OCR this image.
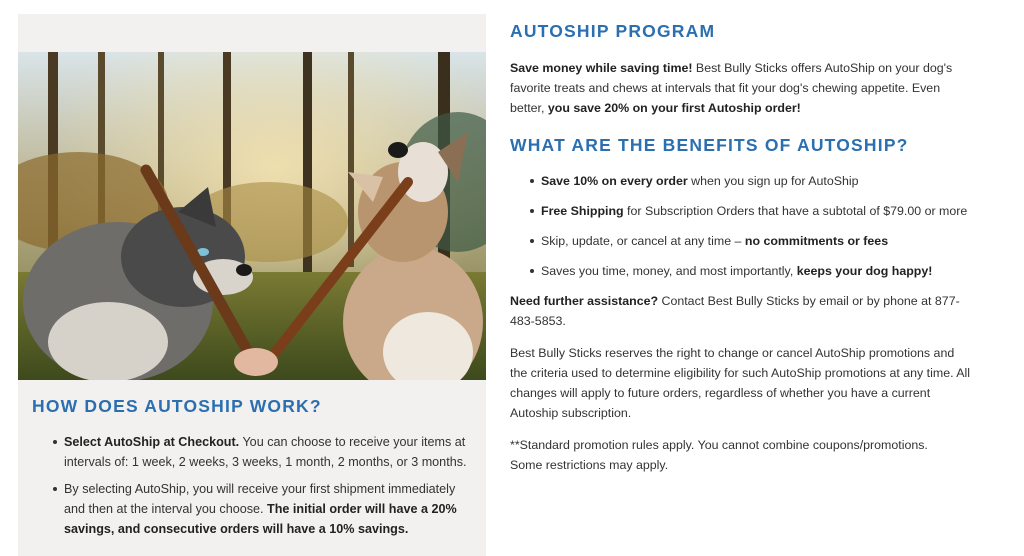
HOW DOES AUTOSHIP WORK?
Select AutoShip at Checkout. You can choose to receive your items at intervals of: 1 week, 2 weeks, 3 weeks, 1 month, 2 months, or 3 months.
By selecting AutoShip, you will receive your first shipment immediately and then at the interval you choose. The initial order will have a 20% savings, and consecutive orders will have a 10% savings.
AUTOSHIP PROGRAM

Save money while saving time! Best Bully Sticks offers AutoShip on your dog's favorite treats and chews at intervals that fit your dog's chewing appetite. Even better, you save 20% on your first Autoship order!

WHAT ARE THE BENEFITS OF AUTOSHIP?
Save 10% on every order when you sign up for AutoShip
Free Shipping for Subscription Orders that have a subtotal of $79.00 or more
Skip, update, or cancel at any time – no commitments or fees
Saves you time, money, and most importantly, keeps your dog happy!

Need further assistance? Contact Best Bully Sticks by email or by phone at 877-483-5853.

Best Bully Sticks reserves the right to change or cancel AutoShip promotions and the criteria used to determine eligibility for such AutoShip promotions at any time. All changes will apply to future orders, regardless of whether you have a current Autoship subscription.

**Standard promotion rules apply. You cannot combine coupons/promotions. Some restrictions may apply.
